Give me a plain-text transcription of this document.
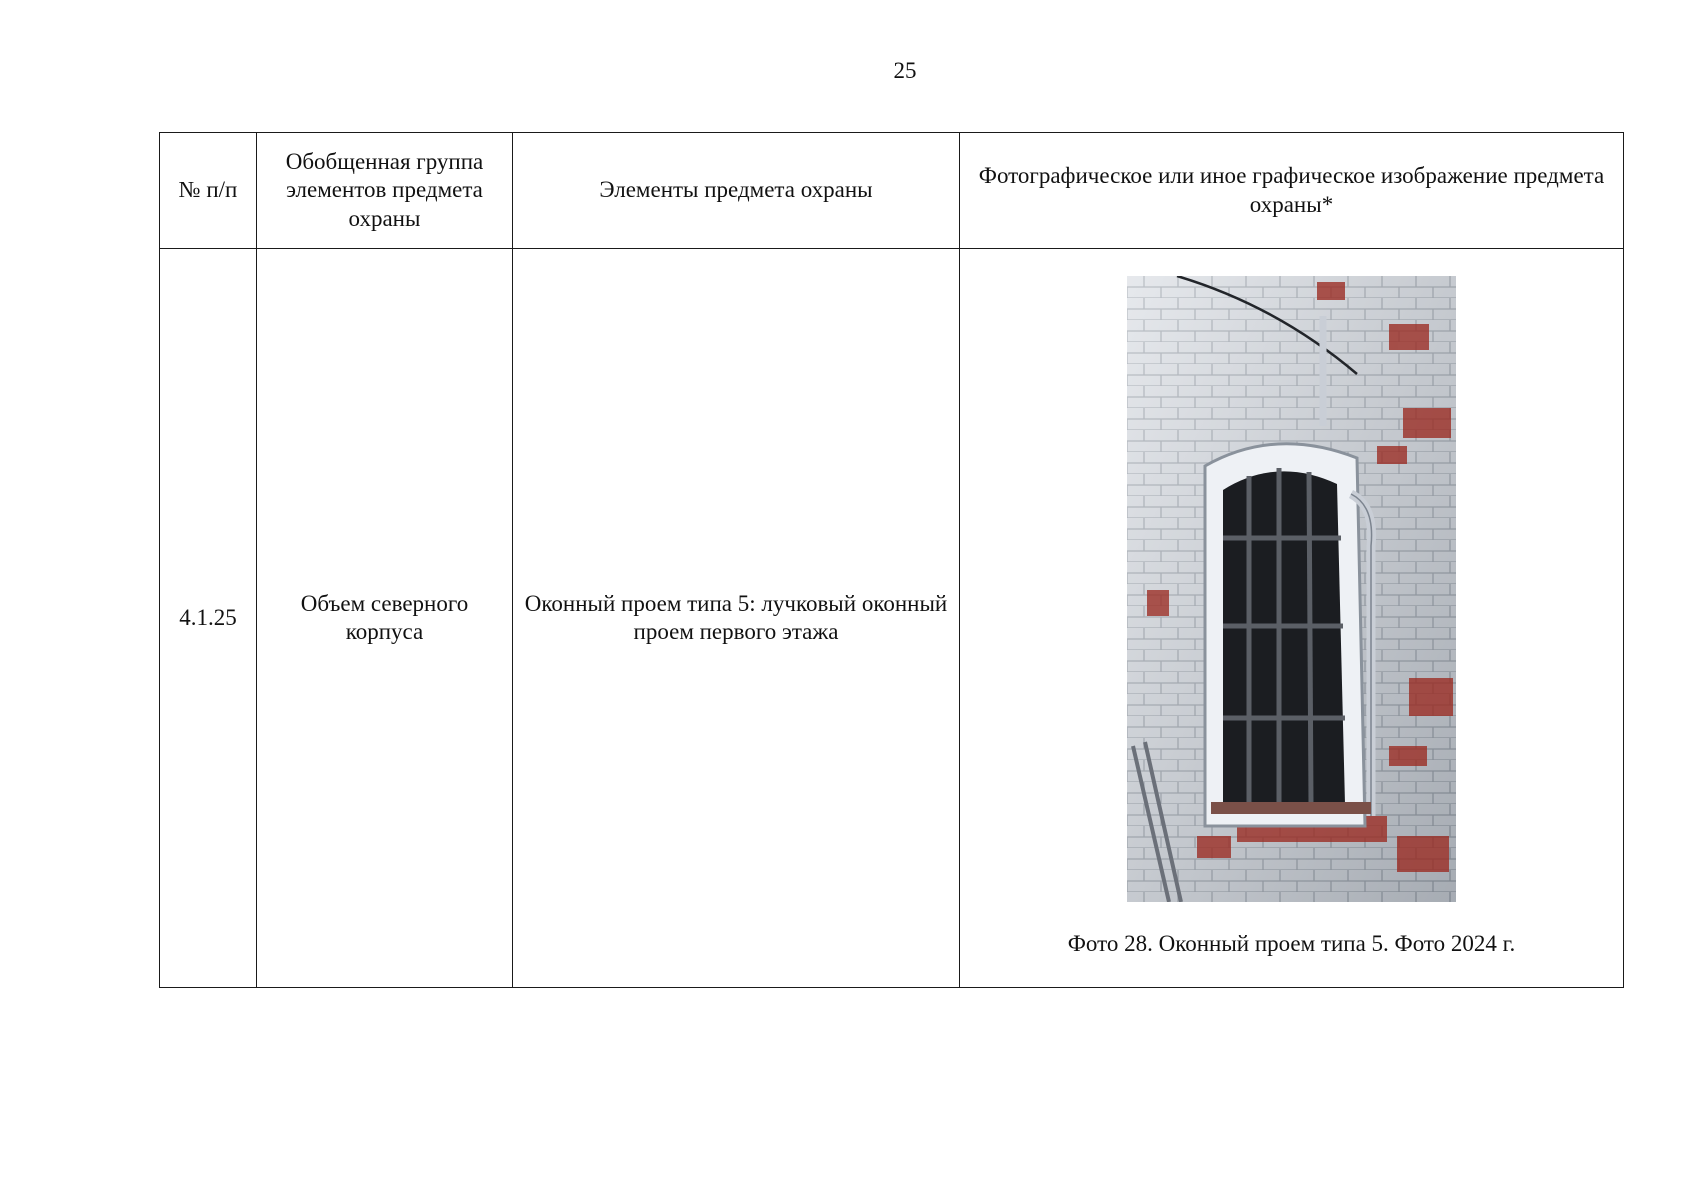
25
№ п/п	Обобщенная группа элементов предмета охраны	Элементы предмета охраны	Фотографическое или иное графическое изображение предмета охраны*
4.1.25	Объем северного корпуса	Оконный проем типа 5: лучковый оконный проем первого этажа	Фото 28. Оконный проем типа 5. Фото 2024 г.
